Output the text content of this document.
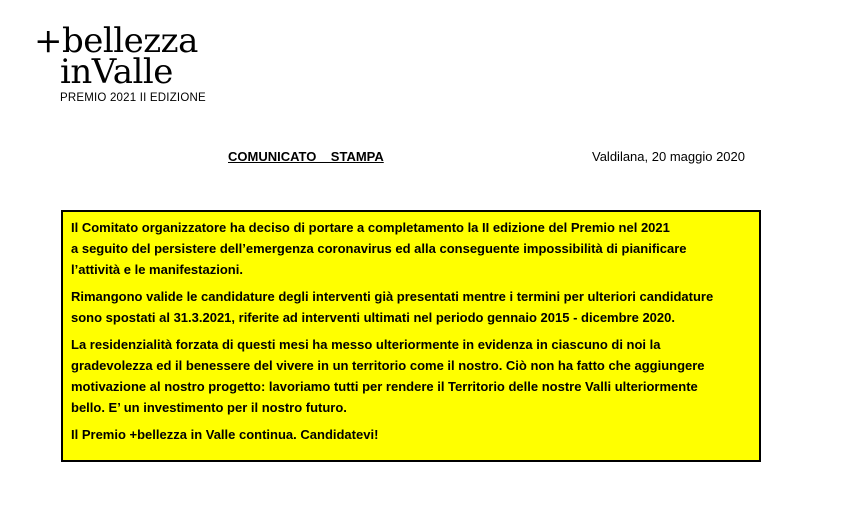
+bellezza
inValle
PREMIO 2021 II EDIZIONE
COMUNICATO    STAMPA	Valdilana, 20 maggio 2020
Il Comitato organizzatore ha deciso di portare a completamento la II edizione del Premio nel 2021
a seguito del persistere dell’emergenza coronavirus ed alla conseguente impossibilità di pianificare
l’attività e le manifestazioni.
Rimangono valide le candidature degli interventi già presentati mentre i termini per ulteriori candidature
sono spostati al 31.3.2021, riferite ad interventi ultimati nel periodo gennaio 2015 - dicembre 2020.
La residenzialità forzata di questi mesi ha messo ulteriormente in evidenza in ciascuno di noi la
gradevolezza ed il benessere del vivere in un territorio come il nostro. Ciò non ha fatto che aggiungere
motivazione al nostro progetto: lavoriamo tutti per rendere il Territorio delle nostre Valli ulteriormente
bello. E’ un investimento per il nostro futuro.
Il Premio +bellezza in Valle continua. Candidatevi!
